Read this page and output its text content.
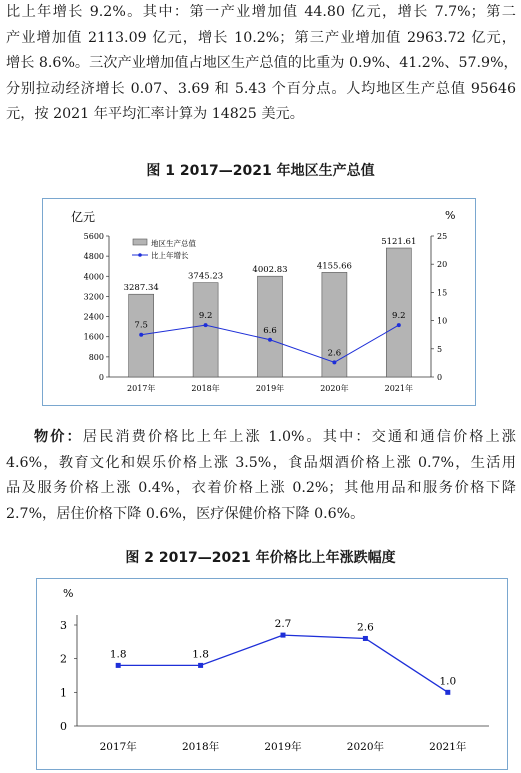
比上年增长 9.2%。其中：第一产业增加值 44.80 亿元，增长 7.7%；第二
产业增加值 2113.09 亿元，增长 10.2%；第三产业增加值 2963.72 亿元，
增长 8.6%。三次产业增加值占地区生产总值的比重为 0.9%、41.2%、57.9%，
分别拉动经济增长 0.07、3.69 和 5.43 个百分点。人均地区生产总值 95646
元，按 2021 年平均汇率计算为 14825 美元。
图 1 2017—2021 年地区生产总值
亿元	%
0
800
1600
2400
3200
4000
4800
5600
0
5
10
15
20
25
2017年	2018年	2019年	2020年	2021年
3287.34
3745.23
4002.83	4155.66
5121.61
7.5
9.2
6.6
2.6
9.2
地区生产总值
比上年增长
物价：居民消费价格比上年上涨 1.0%。其中：交通和通信价格上涨
4.6%，教育文化和娱乐价格上涨 3.5%，食品烟酒价格上涨 0.7%，生活用
品及服务价格上涨 0.4%，衣着价格上涨 0.2%；其他用品和服务价格下降
2.7%，居住价格下降 0.6%，医疗保健价格下降 0.6%。
图 2 2017—2021 年价格比上年涨跌幅度
%
0
1
2
3
2017年	2018年	2019年	2020年	2021年
1.8	1.8
2.7	2.6
1.0
